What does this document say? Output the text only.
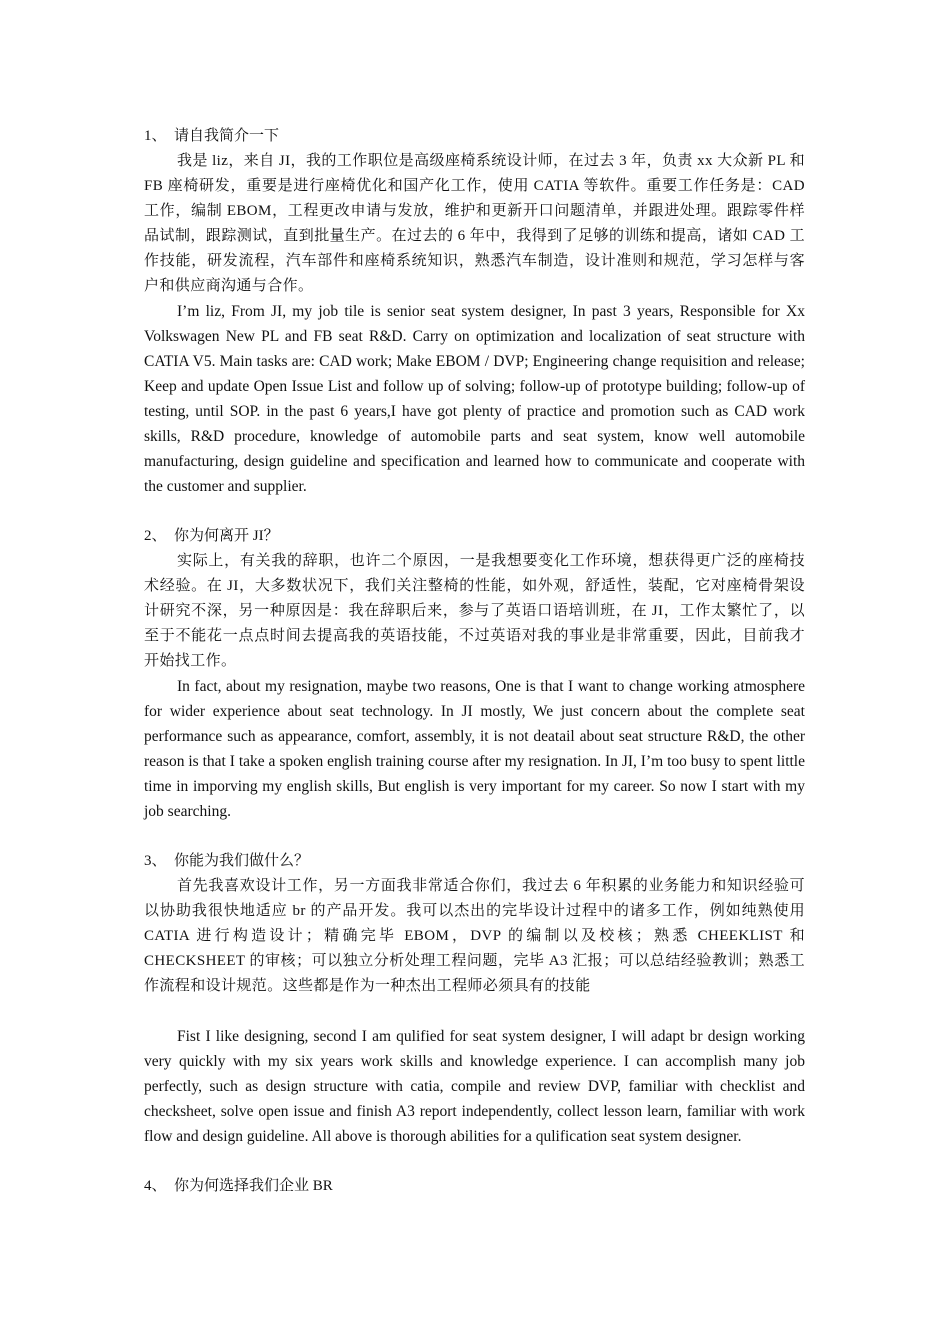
1、 请自我简介一下

我是 liz，来自 JI，我的工作职位是高级座椅系统设计师，在过去 3 年，负责 xx 大众新 PL 和 FB 座椅研发，重要是进行座椅优化和国产化工作，使用 CATIA 等软件。重要工作任务是：CAD 工作，编制 EBOM，工程更改申请与发放，维护和更新开口问题清单，并跟进处理。跟踪零件样品试制，跟踪测试，直到批量生产。在过去的 6 年中，我得到了足够的训练和提高，诸如 CAD 工作技能，研发流程，汽车部件和座椅系统知识，熟悉汽车制造，设计准则和规范，学习怎样与客户和供应商沟通与合作。

I’m liz, From JI, my job tile is senior seat system designer, In past 3 years, Responsible for Xx Volkswagen New PL and FB seat R&D. Carry on optimization and localization of seat structure with CATIA V5. Main tasks are: CAD work; Make EBOM / DVP; Engineering change requisition and release; Keep and update Open Issue List and follow up of solving; follow-up of prototype building; follow-up of testing, until SOP. in the past 6 years,I have got plenty of practice and promotion such as CAD work skills, R&D procedure, knowledge of automobile parts and seat system, know well automobile manufacturing, design guideline and specification and learned how to communicate and cooperate with the customer and supplier.

2、 你为何离开 JI？

实际上，有关我的辞职，也许二个原因，一是我想要变化工作环境，想获得更广泛的座椅技术经验。在 JI，大多数状况下，我们关注整椅的性能，如外观，舒适性，装配，它对座椅骨架设计研究不深，另一种原因是：我在辞职后来，参与了英语口语培训班，在 JI，工作太繁忙了，以至于不能花一点点时间去提高我的英语技能，不过英语对我的事业是非常重要，因此，目前我才开始找工作。

In fact, about my resignation, maybe two reasons, One is that I want to change working atmosphere for wider experience about seat technology. In JI mostly, We just concern about the complete seat performance such as appearance, comfort, assembly, it is not deatail about seat structure R&D, the other reason is that I take a spoken english training course after my resignation. In JI, I’m too busy to spent little time in imporving my english skills, But english is very important for my career. So now I start with my job searching.

3、 你能为我们做什么？

首先我喜欢设计工作，另一方面我非常适合你们，我过去 6 年积累的业务能力和知识经验可以协助我很快地适应 br 的产品开发。我可以杰出的完毕设计过程中的诸多工作，例如纯熟使用 CATIA 进行构造设计；精确完毕 EBOM，DVP 的编制以及校核；熟悉 CHEEKLIST 和 CHECKSHEET 的审核；可以独立分析处理工程问题，完毕 A3 汇报；可以总结经验教训；熟悉工作流程和设计规范。这些都是作为一种杰出工程师必须具有的技能

Fist I like designing, second I am qulified for seat system designer, I will adapt br design working very quickly with my six years work skills and knowledge experience. I can accomplish many job perfectly, such as design structure with catia, compile and review DVP, familiar with checklist and checksheet, solve open issue and finish A3 report independently, collect lesson learn, familiar with work flow and design guideline. All above is thorough abilities for a qulification seat system designer.

4、 你为何选择我们企业 BR
